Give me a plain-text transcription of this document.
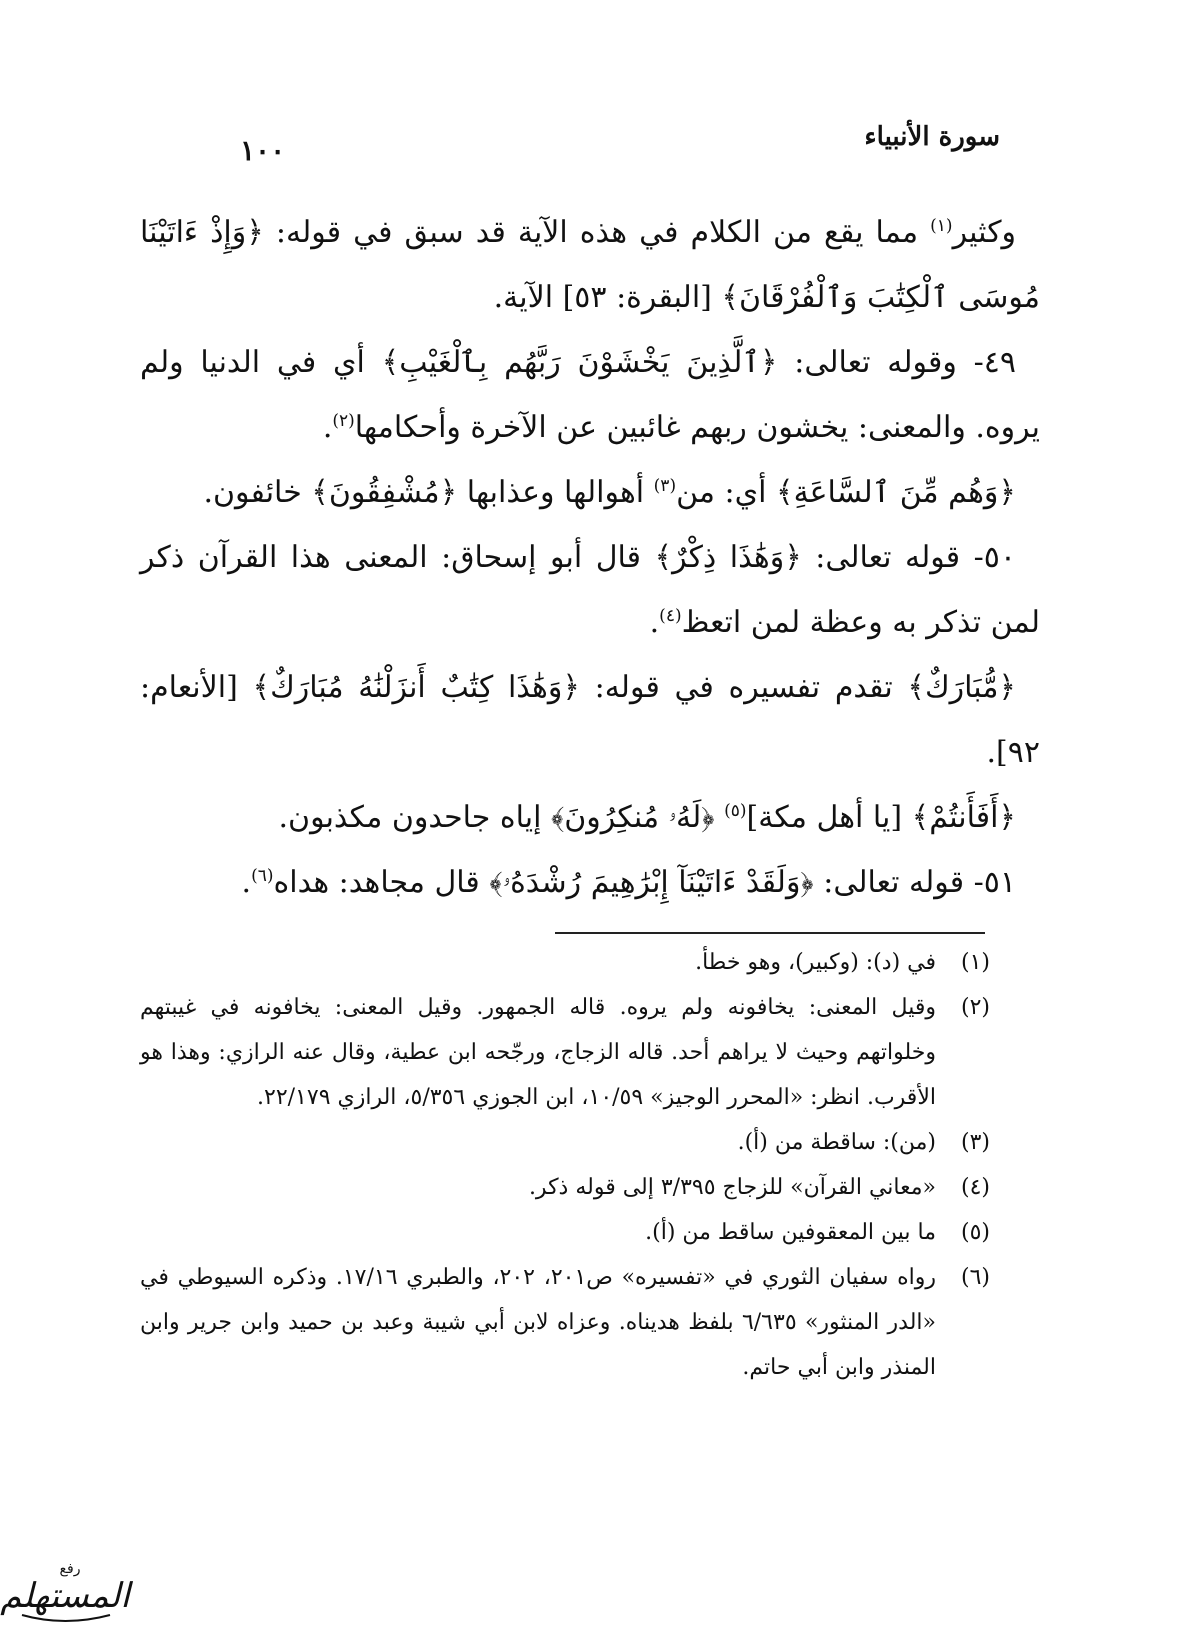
سورة الأنبياء
١٠٠

وكثير$^{(١)}$ مما يقع من الكلام في هذه الآية قد سبق في قوله: ﴿وَإِذْ ءَاتَيْنَا مُوسَى ٱلْكِتَٰبَ وَٱلْفُرْقَانَ﴾ [البقرة: ٥٣] الآية.

٤٩- وقوله تعالى: ﴿ٱلَّذِينَ يَخْشَوْنَ رَبَّهُم بِٱلْغَيْبِ﴾ أي في الدنيا ولم يروه. والمعنى: يخشون ربهم غائبين عن الآخرة وأحكامها$^{(٢)}$.

﴿وَهُم مِّنَ ٱلسَّاعَةِ﴾ أي: من$^{(٣)}$ أهوالها وعذابها ﴿مُشْفِقُونَ﴾ خائفون.

٥٠- قوله تعالى: ﴿وَهَٰذَا ذِكْرٌ﴾ قال أبو إسحاق: المعنى هذا القرآن ذكر لمن تذكر به وعظة لمن اتعظ$^{(٤)}$.

﴿مُّبَارَكٌ﴾ تقدم تفسيره في قوله: ﴿وَهَٰذَا كِتَٰبٌ أَنزَلْنَٰهُ مُبَارَكٌ﴾ [الأنعام: ٩٢].

﴿أَفَأَنتُمْ﴾ [يا أهل مكة]$^{(٥)}$ ﴿لَهُۥ مُنكِرُونَ﴾ إياه جاحدون مكذبون.

٥١- قوله تعالى: ﴿وَلَقَدْ ءَاتَيْنَآ إِبْرَٰهِيمَ رُشْدَهُۥ﴾ قال مجاهد: هداه$^{(٦)}$.

(١)
في (د): (وكبير)، وهو خطأ.
(٢)
وقيل المعنى: يخافونه ولم يروه. قاله الجمهور. وقيل المعنى: يخافونه في غيبتهم وخلواتهم وحيث لا يراهم أحد. قاله الزجاج، ورجّحه ابن عطية، وقال عنه الرازي: وهذا هو الأقرب. انظر: «المحرر الوجيز» ١٠/٥٩، ابن الجوزي ٥/٣٥٦، الرازي ٢٢/١٧٩.
(٣)
(من): ساقطة من (أ).
(٤)
«معاني القرآن» للزجاج ٣/٣٩٥ إلى قوله ذكر.
(٥)
ما بين المعقوفين ساقط من (أ).
(٦)
رواه سفيان الثوري في «تفسيره» ص٢٠١، ٢٠٢، والطبري ١٧/١٦. وذكره السيوطي في «الدر المنثور» ٦/٦٣٥ بلفظ هديناه. وعزاه لابن أبي شيبة وعبد بن حميد وابن جرير وابن المنذر وابن أبي حاتم.
رفع
المستهلم
